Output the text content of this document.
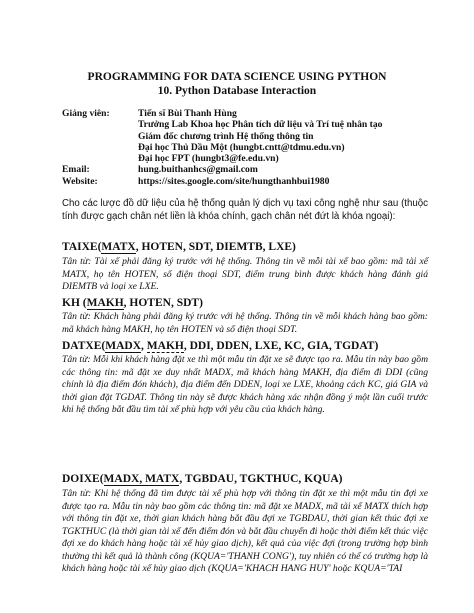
PROGRAMMING FOR DATA SCIENCE USING PYTHON
10. Python Database Interaction
Giảng viên:	Tiến sĩ Bùi Thanh Hùng
Trưởng Lab Khoa học Phân tích dữ liệu và Trí tuệ nhân tạo
Giám đốc chương trình Hệ thống thông tin
Đại học Thủ Dầu Một (hungbt.cntt@tdmu.edu.vn)
Đại học FPT (hungbt3@fe.edu.vn)
Email:	hung.buithanhcs@gmail.com
Website:	https://sites.google.com/site/hungthanhbui1980
Cho các lược đồ dữ liệu của hệ thống quản lý dịch vụ taxi công nghệ như sau (thuộc tính được gạch chân nét liền là khóa chính, gạch chân nét đứt là khóa ngoại):
TAIXE(MATX, HOTEN, SDT, DIEMTB, LXE)
Tân từ: Tài xế phải đăng ký trước với hệ thống. Thông tin về mỗi tài xế bao gồm: mã tài xế MATX, họ tên HOTEN, số điện thoại SDT, điểm trung bình được khách hàng đánh giá DIEMTB và loại xe LXE.
KH (MAKH, HOTEN, SDT)
Tân từ: Khách hàng phải đăng ký trước với hệ thống. Thông tin về mỗi khách hàng bao gồm: mã khách hàng MAKH, họ tên HOTEN và số điện thoại SDT.
DATXE(MADX, MAKH, DDI, DDEN, LXE, KC, GIA, TGDAT)
Tân từ: Mỗi khi khách hàng đặt xe thì một mẫu tin đặt xe sẽ được tạo ra. Mẫu tin này bao gồm các thông tin: mã đặt xe duy nhất MADX, mã khách hàng MAKH, địa điểm đi DDI (cũng chính là địa điểm đón khách), địa điểm đến DDEN, loại xe LXE, khoảng cách KC, giá GIA và thời gian đặt TGDAT. Thông tin này sẽ được khách hàng xác nhận đồng ý một lần cuối trước khi hệ thống bắt đầu tìm tài xế phù hợp với yêu cầu của khách hàng.
DOIXE(MADX, MATX, TGBDAU, TGKTHUC, KQUA)
Tân từ: Khi hệ thống đã tìm được tài xế phù hợp với thông tin đặt xe thì một mẫu tin đợi xe được tạo ra. Mẫu tin này bao gồm các thông tin: mã đặt xe MADX, mã tài xế MATX thích hợp với thông tin đặt xe, thời gian khách hàng bắt đầu đợi xe TGBDAU, thời gian kết thúc đợi xe TGKTHUC (là thời gian tài xế đến điểm đón và bắt đầu chuyến đi hoặc thời điểm kết thúc việc đợi xe do khách hàng hoặc tài xế hủy giao dịch), kết quả của việc đợi (trong trường hợp bình thường thì kết quả là thành công (KQUA='THANH CONG'), tuy nhiên có thể có trường hợp là khách hàng hoặc tài xế hủy giao dịch (KQUA='KHACH HANG HUY' hoặc KQUA='TAI
